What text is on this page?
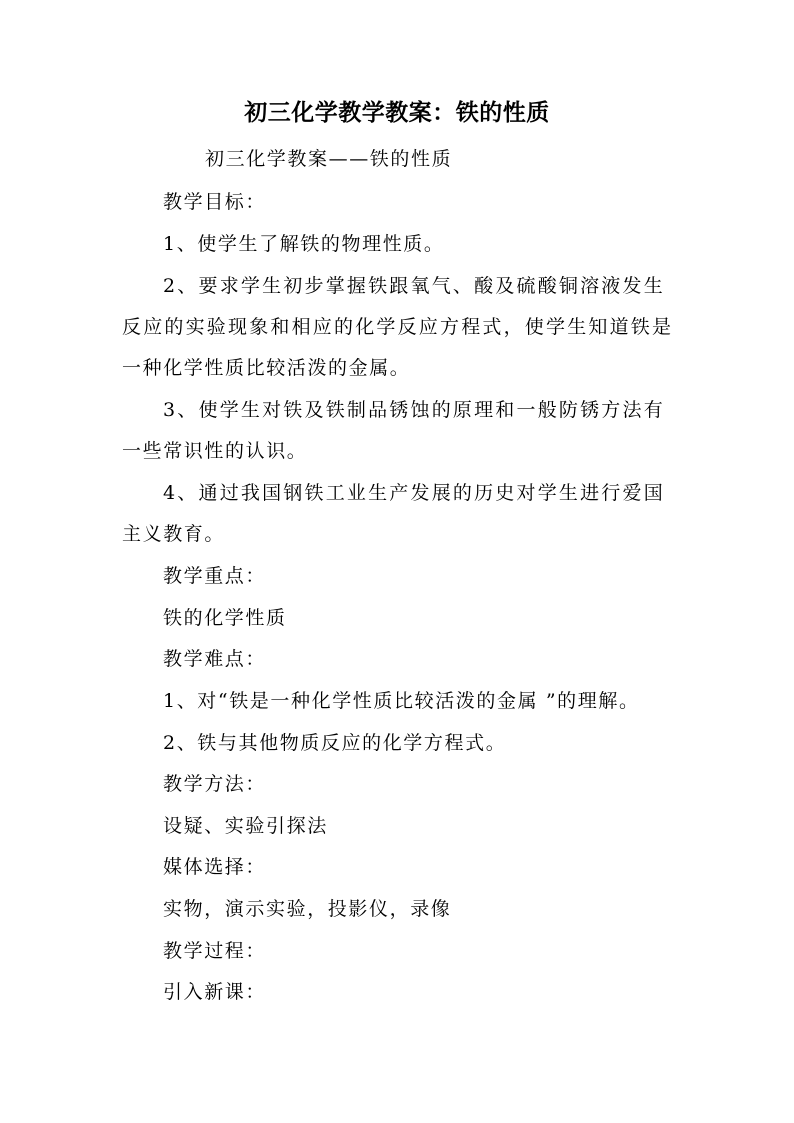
初三化学教学教案：铁的性质
初三化学教案——铁的性质
教学目标：
1、使学生了解铁的物理性质。
2、要求学生初步掌握铁跟氧气、酸及硫酸铜溶液发生
反应的实验现象和相应的化学反应方程式，使学生知道铁是
一种化学性质比较活泼的金属。
3、使学生对铁及铁制品锈蚀的原理和一般防锈方法有
一些常识性的认识。
4、通过我国钢铁工业生产发展的历史对学生进行爱国
主义教育。
教学重点：
铁的化学性质
教学难点：
1、对“铁是一种化学性质比较活泼的金属 ”的理解。
2、铁与其他物质反应的化学方程式。
教学方法：
设疑、实验引探法
媒体选择：
实物，演示实验，投影仪，录像
教学过程：
引入新课：
